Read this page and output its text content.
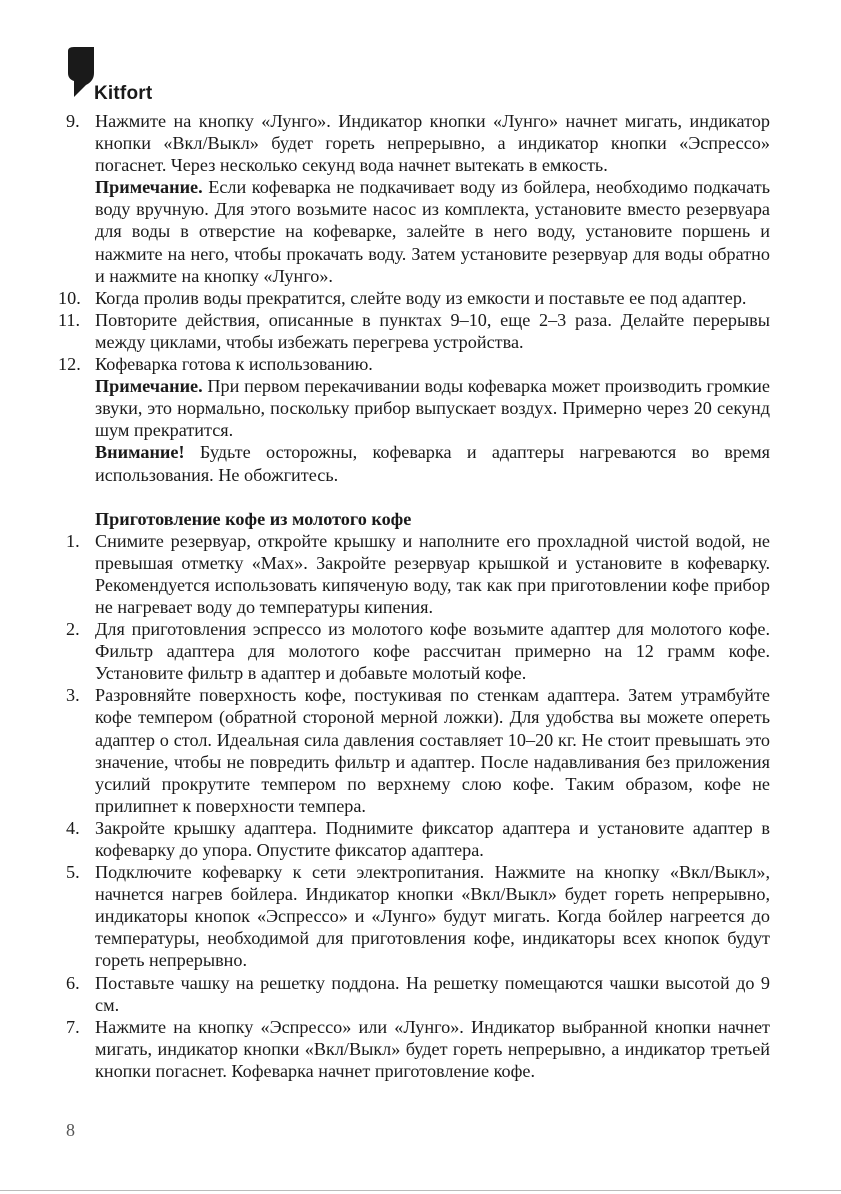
Kitfort
9. Нажмите на кнопку «Лунго». Индикатор кнопки «Лунго» начнет мигать, индикатор кнопки «Вкл/Выкл» будет гореть непрерывно, а индикатор кнопки «Эспрессо» погаснет. Через несколько секунд вода начнет вытекать в емкость.

Примечание. Если кофеварка не подкачивает воду из бойлера, необходимо подкачать воду вручную. Для этого возьмите насос из комплекта, установите вместо резервуара для воды в отверстие на кофеварке, залейте в него воду, установите поршень и нажмите на него, чтобы прокачать воду. Затем установите резервуар для воды обратно и нажмите на кнопку «Лунго».

10. Когда пролив воды прекратится, слейте воду из емкости и поставьте ее под адаптер.

11. Повторите действия, описанные в пунктах 9–10, еще 2–3 раза. Делайте перерывы между циклами, чтобы избежать перегрева устройства.

12. Кофеварка готова к использованию.

Примечание. При первом перекачивании воды кофеварка может производить громкие звуки, это нормально, поскольку прибор выпускает воздух. Примерно через 20 секунд шум прекратится.

Внимание! Будьте осторожны, кофеварка и адаптеры нагреваются во время использования. Не обожгитесь.

Приготовление кофе из молотого кофе
1. Снимите резервуар, откройте крышку и наполните его прохладной чистой водой, не превышая отметку «Max». Закройте резервуар крышкой и установите в кофеварку. Рекомендуется использовать кипяченую воду, так как при приготовлении кофе прибор не нагревает воду до температуры кипения.

2. Для приготовления эспрессо из молотого кофе возьмите адаптер для молотого кофе. Фильтр адаптера для молотого кофе рассчитан примерно на 12 грамм кофе. Установите фильтр в адаптер и добавьте молотый кофе.

3. Разровняйте поверхность кофе, постукивая по стенкам адаптера. Затем утрамбуйте кофе темпером (обратной стороной мерной ложки). Для удобства вы можете опереть адаптер о стол. Идеальная сила давления составляет 10–20 кг. Не стоит превышать это значение, чтобы не повредить фильтр и адаптер. После надавливания без приложения усилий прокрутите темпером по верхнему слою кофе. Таким образом, кофе не прилипнет к поверхности темпера.

4. Закройте крышку адаптера. Поднимите фиксатор адаптера и установите адаптер в кофеварку до упора. Опустите фиксатор адаптера.

5. Подключите кофеварку к сети электропитания. Нажмите на кнопку «Вкл/Выкл», начнется нагрев бойлера. Индикатор кнопки «Вкл/Выкл» будет гореть непрерывно, индикаторы кнопок «Эспрессо» и «Лунго» будут мигать. Когда бойлер нагреется до температуры, необходимой для приготовления кофе, индикаторы всех кнопок будут гореть непрерывно.

6. Поставьте чашку на решетку поддона. На решетку помещаются чашки высотой до 9 см.

7. Нажмите на кнопку «Эспрессо» или «Лунго». Индикатор выбранной кнопки начнет мигать, индикатор кнопки «Вкл/Выкл» будет гореть непрерывно, а индикатор третьей кнопки погаснет. Кофеварка начнет приготовление кофе.

8
